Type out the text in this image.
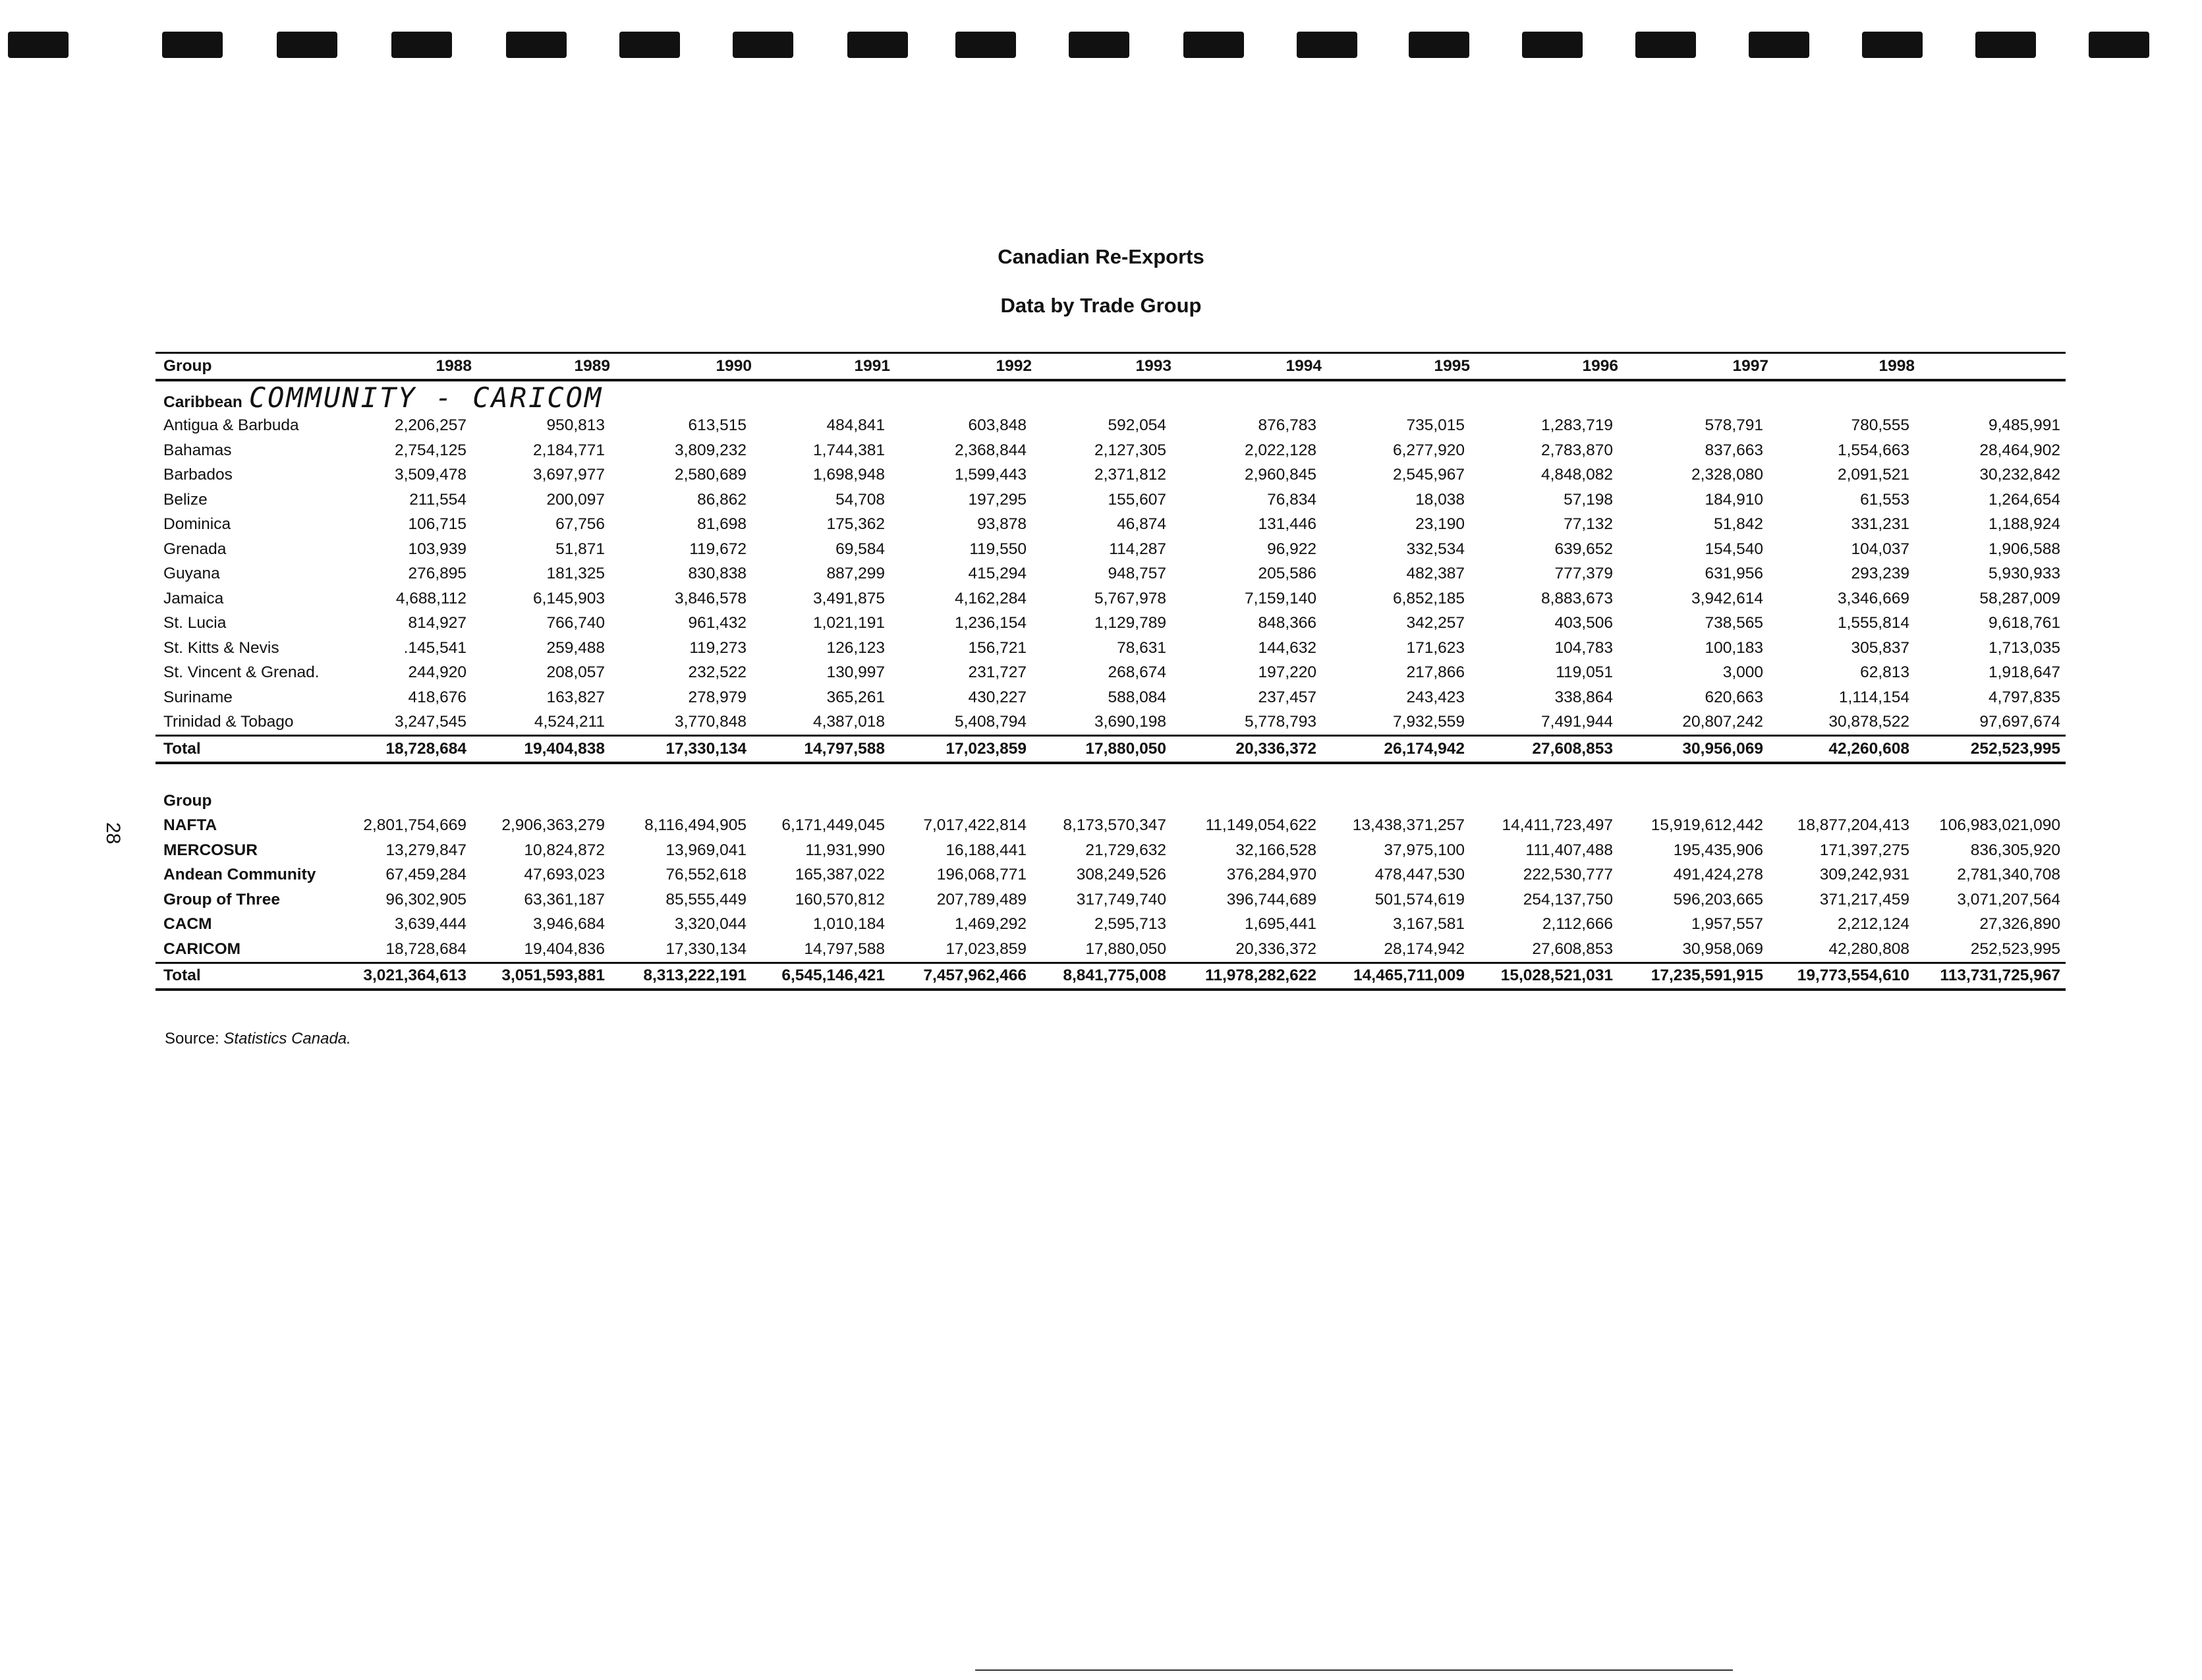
Canadian Re-Exports
Data by Trade Group
28
Group	1988	1989	1990	1991	1992	1993	1994	1995	1996	1997	1998	
Caribbean COMMUNITY - CARICOM												
Antigua & Barbuda	2,206,257	950,813	613,515	484,841	603,848	592,054	876,783	735,015	1,283,719	578,791	780,555	9,485,991
Bahamas	2,754,125	2,184,771	3,809,232	1,744,381	2,368,844	2,127,305	2,022,128	6,277,920	2,783,870	837,663	1,554,663	28,464,902
Barbados	3,509,478	3,697,977	2,580,689	1,698,948	1,599,443	2,371,812	2,960,845	2,545,967	4,848,082	2,328,080	2,091,521	30,232,842
Belize	211,554	200,097	86,862	54,708	197,295	155,607	76,834	18,038	57,198	184,910	61,553	1,264,654
Dominica	106,715	67,756	81,698	175,362	93,878	46,874	131,446	23,190	77,132	51,842	331,231	1,188,924
Grenada	103,939	51,871	119,672	69,584	119,550	114,287	96,922	332,534	639,652	154,540	104,037	1,906,588
Guyana	276,895	181,325	830,838	887,299	415,294	948,757	205,586	482,387	777,379	631,956	293,239	5,930,933
Jamaica	4,688,112	6,145,903	3,846,578	3,491,875	4,162,284	5,767,978	7,159,140	6,852,185	8,883,673	3,942,614	3,346,669	58,287,009
St. Lucia	814,927	766,740	961,432	1,021,191	1,236,154	1,129,789	848,366	342,257	403,506	738,565	1,555,814	9,618,761
St. Kitts & Nevis	.145,541	259,488	119,273	126,123	156,721	78,631	144,632	171,623	104,783	100,183	305,837	1,713,035
St. Vincent & Grenad.	244,920	208,057	232,522	130,997	231,727	268,674	197,220	217,866	119,051	3,000	62,813	1,918,647
Suriname	418,676	163,827	278,979	365,261	430,227	588,084	237,457	243,423	338,864	620,663	1,114,154	4,797,835
Trinidad & Tobago	3,247,545	4,524,211	3,770,848	4,387,018	5,408,794	3,690,198	5,778,793	7,932,559	7,491,944	20,807,242	30,878,522	97,697,674
Total	18,728,684	19,404,838	17,330,134	14,797,588	17,023,859	17,880,050	20,336,372	26,174,942	27,608,853	30,956,069	42,260,608	252,523,995

Group												
NAFTA	2,801,754,669	2,906,363,279	8,116,494,905	6,171,449,045	7,017,422,814	8,173,570,347	11,149,054,622	13,438,371,257	14,411,723,497	15,919,612,442	18,877,204,413	106,983,021,090
MERCOSUR	13,279,847	10,824,872	13,969,041	11,931,990	16,188,441	21,729,632	32,166,528	37,975,100	111,407,488	195,435,906	171,397,275	836,305,920
Andean Community	67,459,284	47,693,023	76,552,618	165,387,022	196,068,771	308,249,526	376,284,970	478,447,530	222,530,777	491,424,278	309,242,931	2,781,340,708
Group of Three	96,302,905	63,361,187	85,555,449	160,570,812	207,789,489	317,749,740	396,744,689	501,574,619	254,137,750	596,203,665	371,217,459	3,071,207,564
CACM	3,639,444	3,946,684	3,320,044	1,010,184	1,469,292	2,595,713	1,695,441	3,167,581	2,112,666	1,957,557	2,212,124	27,326,890
CARICOM	18,728,684	19,404,836	17,330,134	14,797,588	17,023,859	17,880,050	20,336,372	28,174,942	27,608,853	30,958,069	42,280,808	252,523,995
Total	3,021,364,613	3,051,593,881	8,313,222,191	6,545,146,421	7,457,962,466	8,841,775,008	11,978,282,622	14,465,711,009	15,028,521,031	17,235,591,915	19,773,554,610	113,731,725,967
Source: Statistics Canada.
